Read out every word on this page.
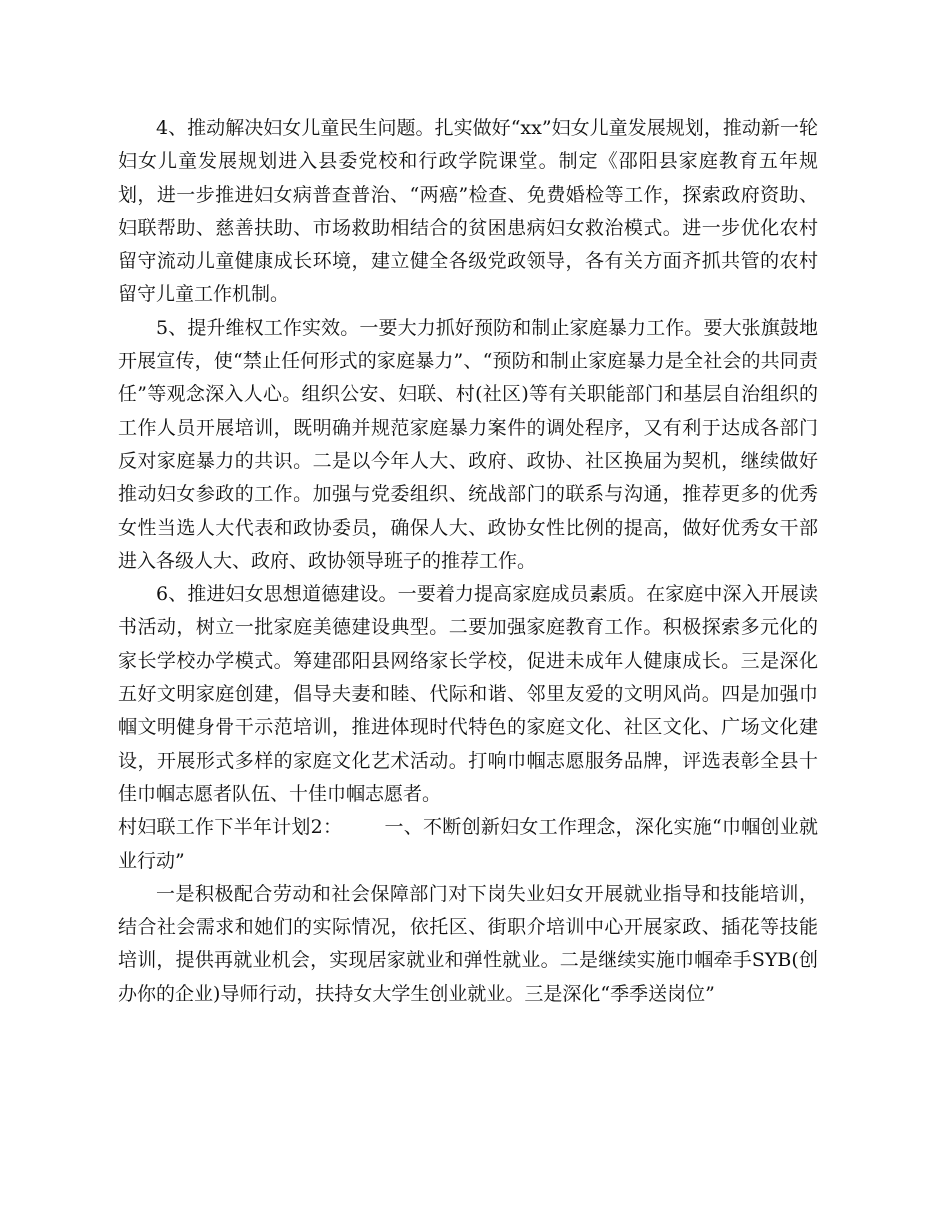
4、推动解决妇女儿童民生问题。扎实做好“xx”妇女儿童发展规划，推动新一轮妇女儿童发展规划进入县委党校和行政学院课堂。制定《邵阳县家庭教育五年规划，进一步推进妇女病普查普治、“两癌”检查、免费婚检等工作，探索政府资助、妇联帮助、慈善扶助、市场救助相结合的贫困患病妇女救治模式。进一步优化农村留守流动儿童健康成长环境，建立健全各级党政领导，各有关方面齐抓共管的农村留守儿童工作机制。

5、提升维权工作实效。一要大力抓好预防和制止家庭暴力工作。要大张旗鼓地开展宣传，使“禁止任何形式的家庭暴力”、“预防和制止家庭暴力是全社会的共同责任”等观念深入人心。组织公安、妇联、村(社区)等有关职能部门和基层自治组织的工作人员开展培训，既明确并规范家庭暴力案件的调处程序，又有利于达成各部门反对家庭暴力的共识。二是以今年人大、政府、政协、社区换届为契机，继续做好推动妇女参政的工作。加强与党委组织、统战部门的联系与沟通，推荐更多的优秀女性当选人大代表和政协委员，确保人大、政协女性比例的提高，做好优秀女干部进入各级人大、政府、政协领导班子的推荐工作。

6、推进妇女思想道德建设。一要着力提高家庭成员素质。在家庭中深入开展读书活动，树立一批家庭美德建设典型。二要加强家庭教育工作。积极探索多元化的家长学校办学模式。筹建邵阳县网络家长学校，促进未成年人健康成长。三是深化五好文明家庭创建，倡导夫妻和睦、代际和谐、邻里友爱的文明风尚。四是加强巾帼文明健身骨干示范培训，推进体现时代特色的家庭文化、社区文化、广场文化建设，开展形式多样的家庭文化艺术活动。打响巾帼志愿服务品牌，评选表彰全县十佳巾帼志愿者队伍、十佳巾帼志愿者。

村妇联工作下半年计划2： 一、不断创新妇女工作理念，深化实施“巾帼创业就业行动”

一是积极配合劳动和社会保障部门对下岗失业妇女开展就业指导和技能培训，结合社会需求和她们的实际情况，依托区、街职介培训中心开展家政、插花等技能培训，提供再就业机会，实现居家就业和弹性就业。二是继续实施巾帼牵手SYB(创办你的企业)导师行动，扶持女大学生创业就业。三是深化“季季送岗位”
